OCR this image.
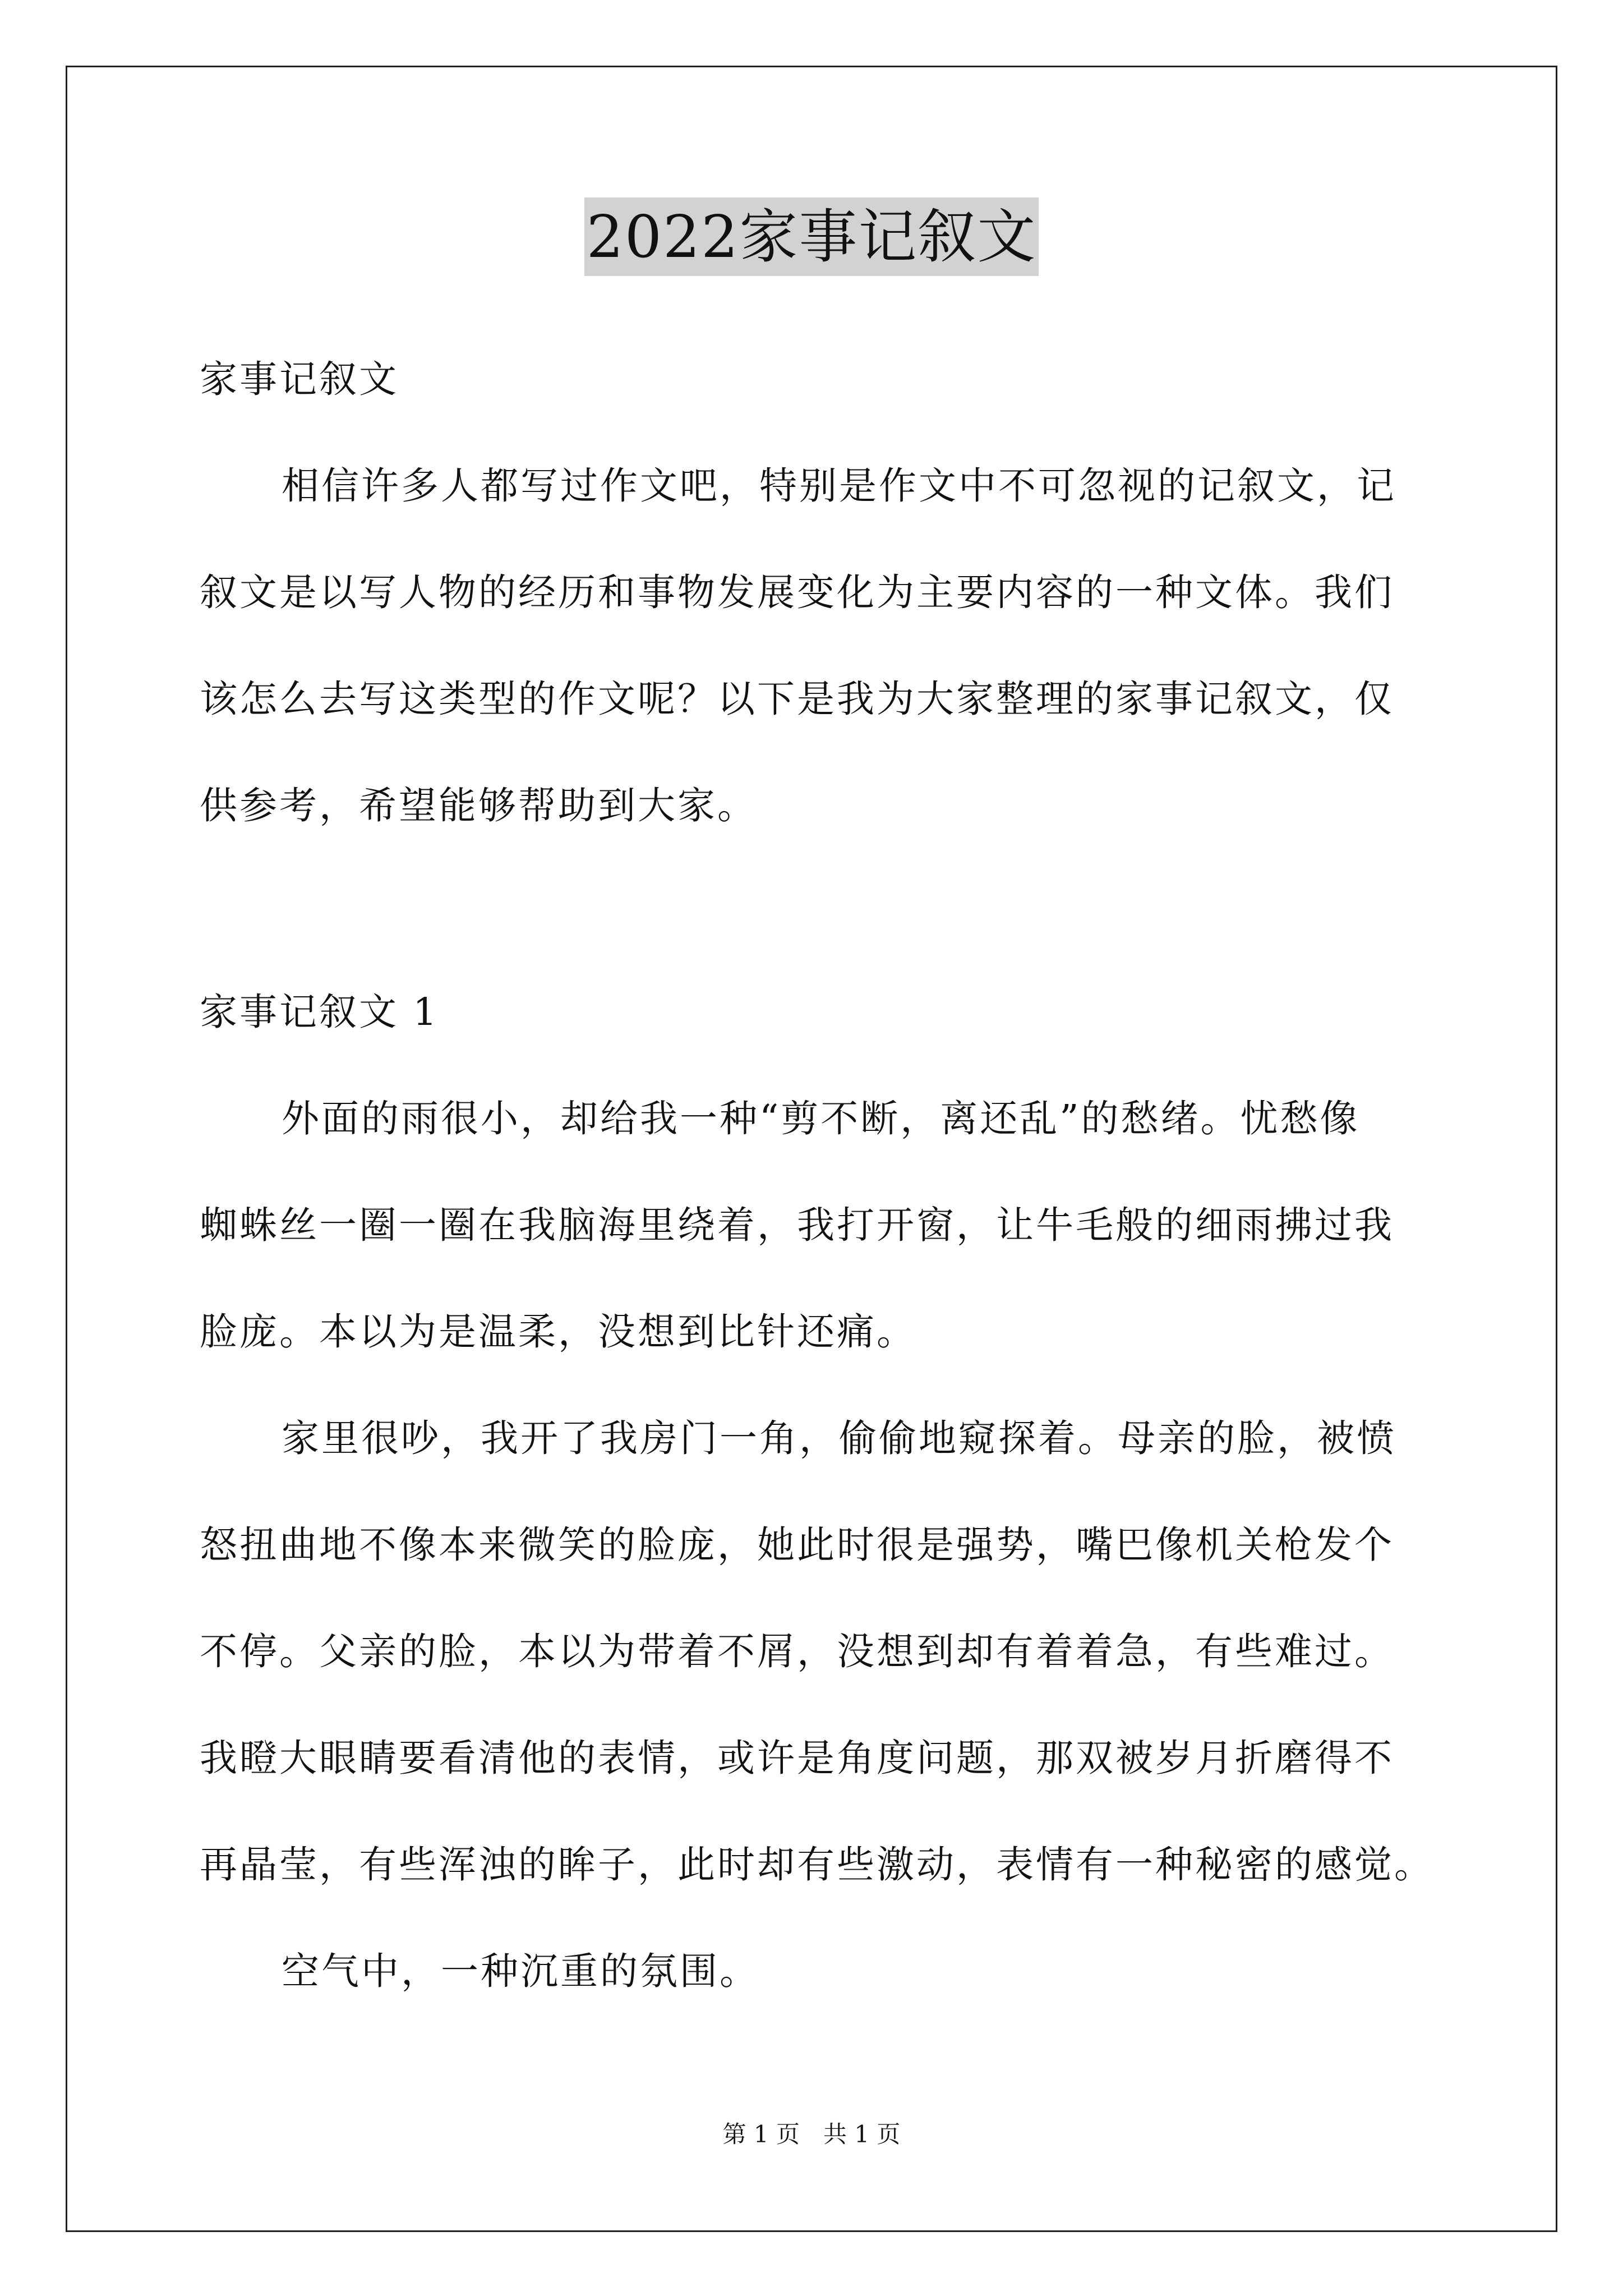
2022家事记叙文
家事记叙文
相信许多人都写过作文吧，特别是作文中不可忽视的记叙文，记
叙文是以写人物的经历和事物发展变化为主要内容的一种文体。我们
该怎么去写这类型的作文呢？以下是我为大家整理的家事记叙文，仅
供参考，希望能够帮助到大家。
家事记叙文 1
外面的雨很小，却给我一种“剪不断，离还乱”的愁绪。忧愁像
蜘蛛丝一圈一圈在我脑海里绕着，我打开窗，让牛毛般的细雨拂过我
脸庞。本以为是温柔，没想到比针还痛。
家里很吵，我开了我房门一角，偷偷地窥探着。母亲的脸，被愤
怒扭曲地不像本来微笑的脸庞，她此时很是强势，嘴巴像机关枪发个
不停。父亲的脸，本以为带着不屑，没想到却有着着急，有些难过。
我瞪大眼睛要看清他的表情，或许是角度问题，那双被岁月折磨得不
再晶莹，有些浑浊的眸子，此时却有些激动，表情有一种秘密的感觉。
空气中，一种沉重的氛围。
第 1 页　共 1 页
